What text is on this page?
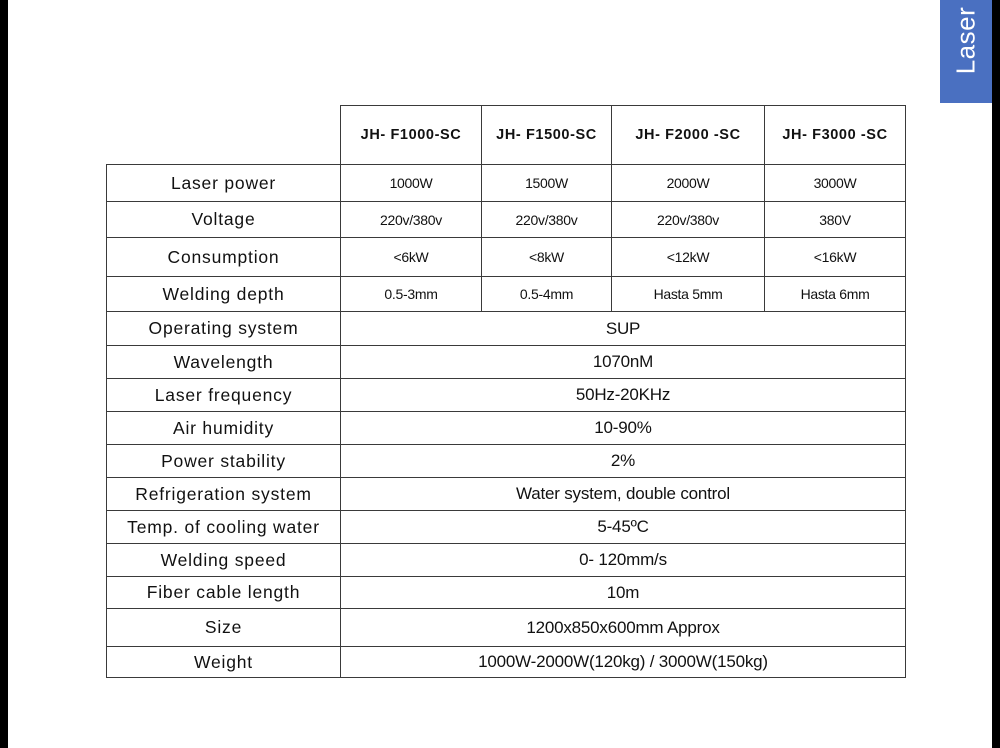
Laser
	JH- F1000-SC	JH- F1500-SC	JH- F2000 -SC	JH- F3000 -SC
Laser power	1000W	1500W	2000W	3000W
Voltage	220v/380v	220v/380v	220v/380v	380V
Consumption	<6kW	<8kW	<12kW	<16kW
Welding depth	0.5-3mm	0.5-4mm	Hasta 5mm	Hasta 6mm
Operating system	SUP			
Wavelength	1070nM			
Laser frequency	50Hz-20KHz			
Air humidity	10-90%			
Power stability	2%			
Refrigeration system	Water system, double control			
Temp. of cooling water	5-45ºC			
Welding speed	0- 120mm/s			
Fiber cable length	10m			
Size	1200x850x600mm Approx			
Weight	1000W-2000W(120kg) / 3000W(150kg)			
